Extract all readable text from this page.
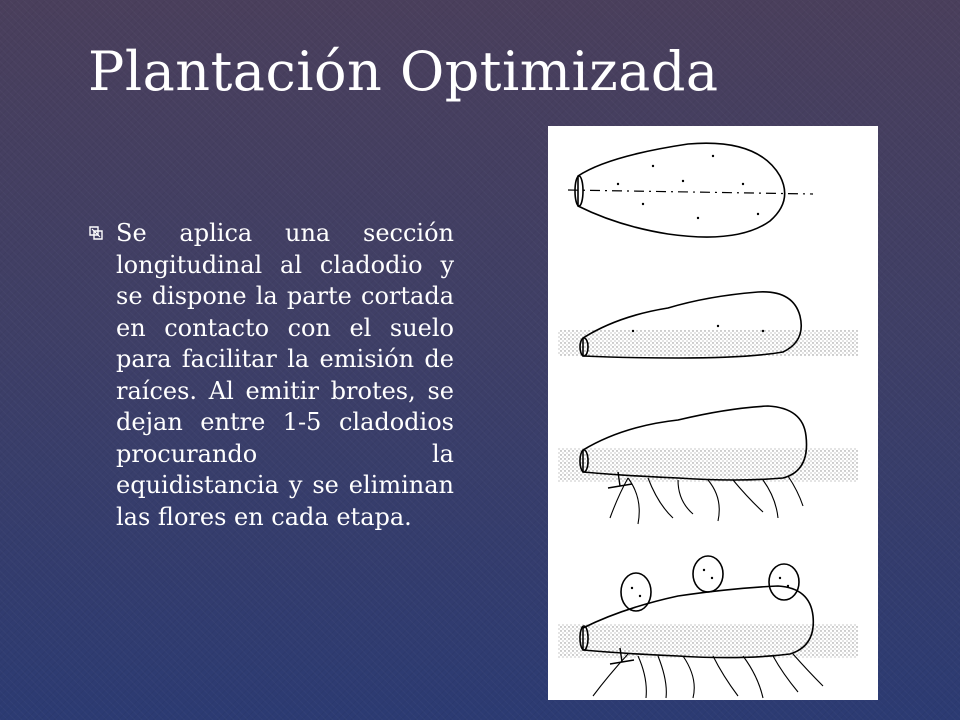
Plantación Optimizada
Se aplica una sección longitudinal al cladodio y se dispone la parte cortada en contacto con el suelo para facilitar la emisión de raíces. Al emitir brotes, se dejan entre 1-5 cladodios procurando la equidistancia y se eliminan las flores en cada etapa.
